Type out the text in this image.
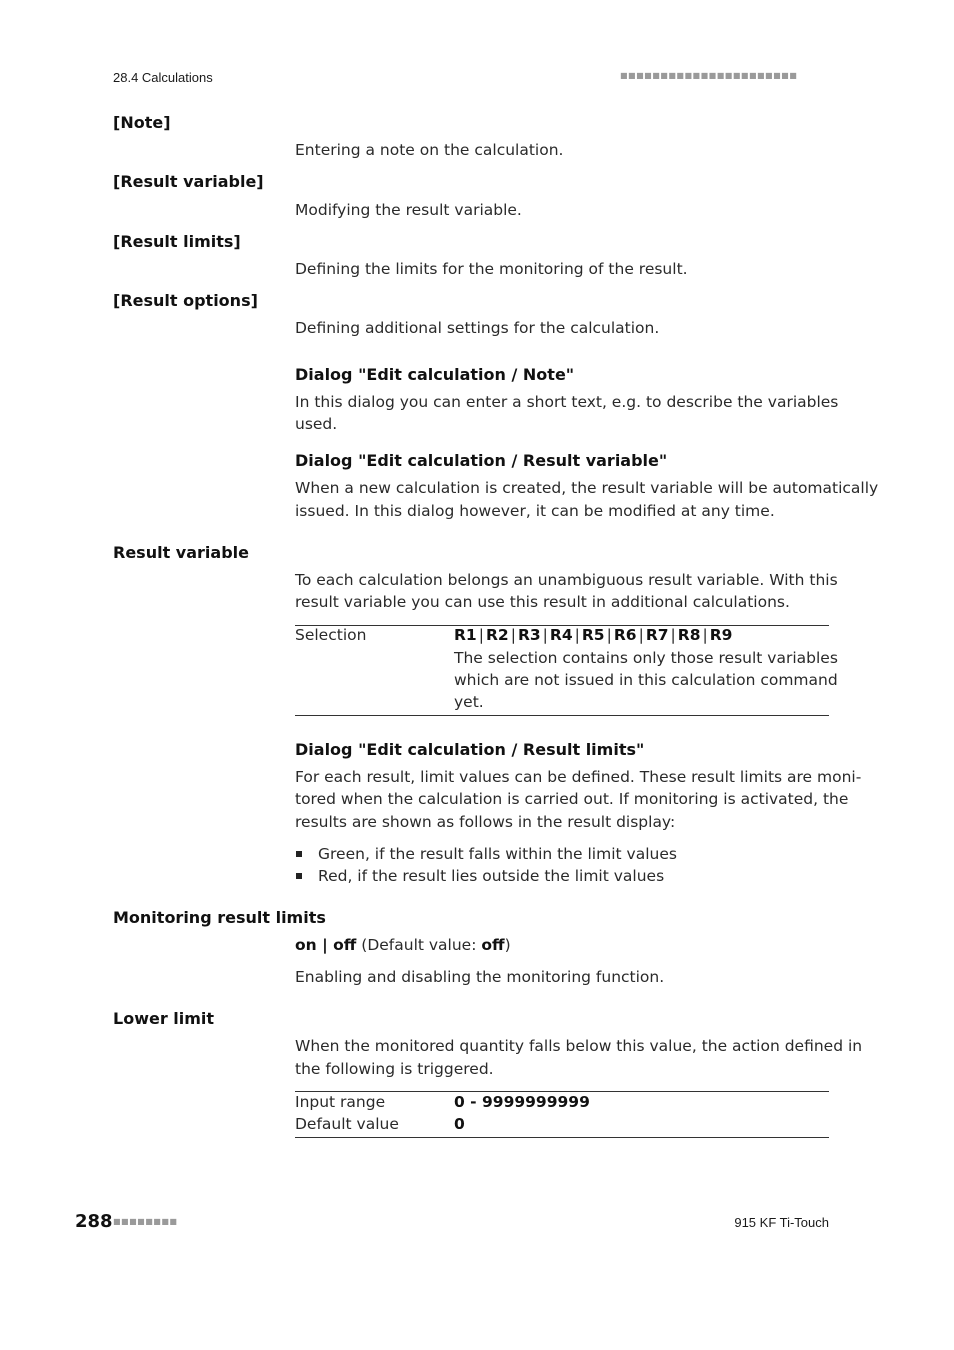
28.4 Calculations	■■■■■■■■■■■■■■■■■■■■■■
[Note]
Entering a note on the calculation.
[Result variable]
Modifying the result variable.
[Result limits]
Defining the limits for the monitoring of the result.
[Result options]
Defining additional settings for the calculation.
Dialog "Edit calculation / Note"
In this dialog you can enter a short text, e.g. to describe the variables
used.
Dialog "Edit calculation / Result variable"
When a new calculation is created, the result variable will be automatically
issued. In this dialog however, it can be modified at any time.
Result variable
To each calculation belongs an unambiguous result variable. With this
result variable you can use this result in additional calculations.
Selection	R1 | R2 | R3 | R4 | R5 | R6 | R7 | R8 | R9
The selection contains only those result variables
which are not issued in this calculation command
yet.
Dialog "Edit calculation / Result limits"
For each result, limit values can be defined. These result limits are moni-
tored when the calculation is carried out. If monitoring is activated, the
results are shown as follows in the result display:
Green, if the result falls within the limit values
Red, if the result lies outside the limit values
Monitoring result limits
on | off (Default value: off)
Enabling and disabling the monitoring function.
Lower limit
When the monitored quantity falls below this value, the action defined in
the following is triggered.
Input range	0 - 9999999999
Default value	0
288 ■■■■■■■■	915 KF Ti-Touch
